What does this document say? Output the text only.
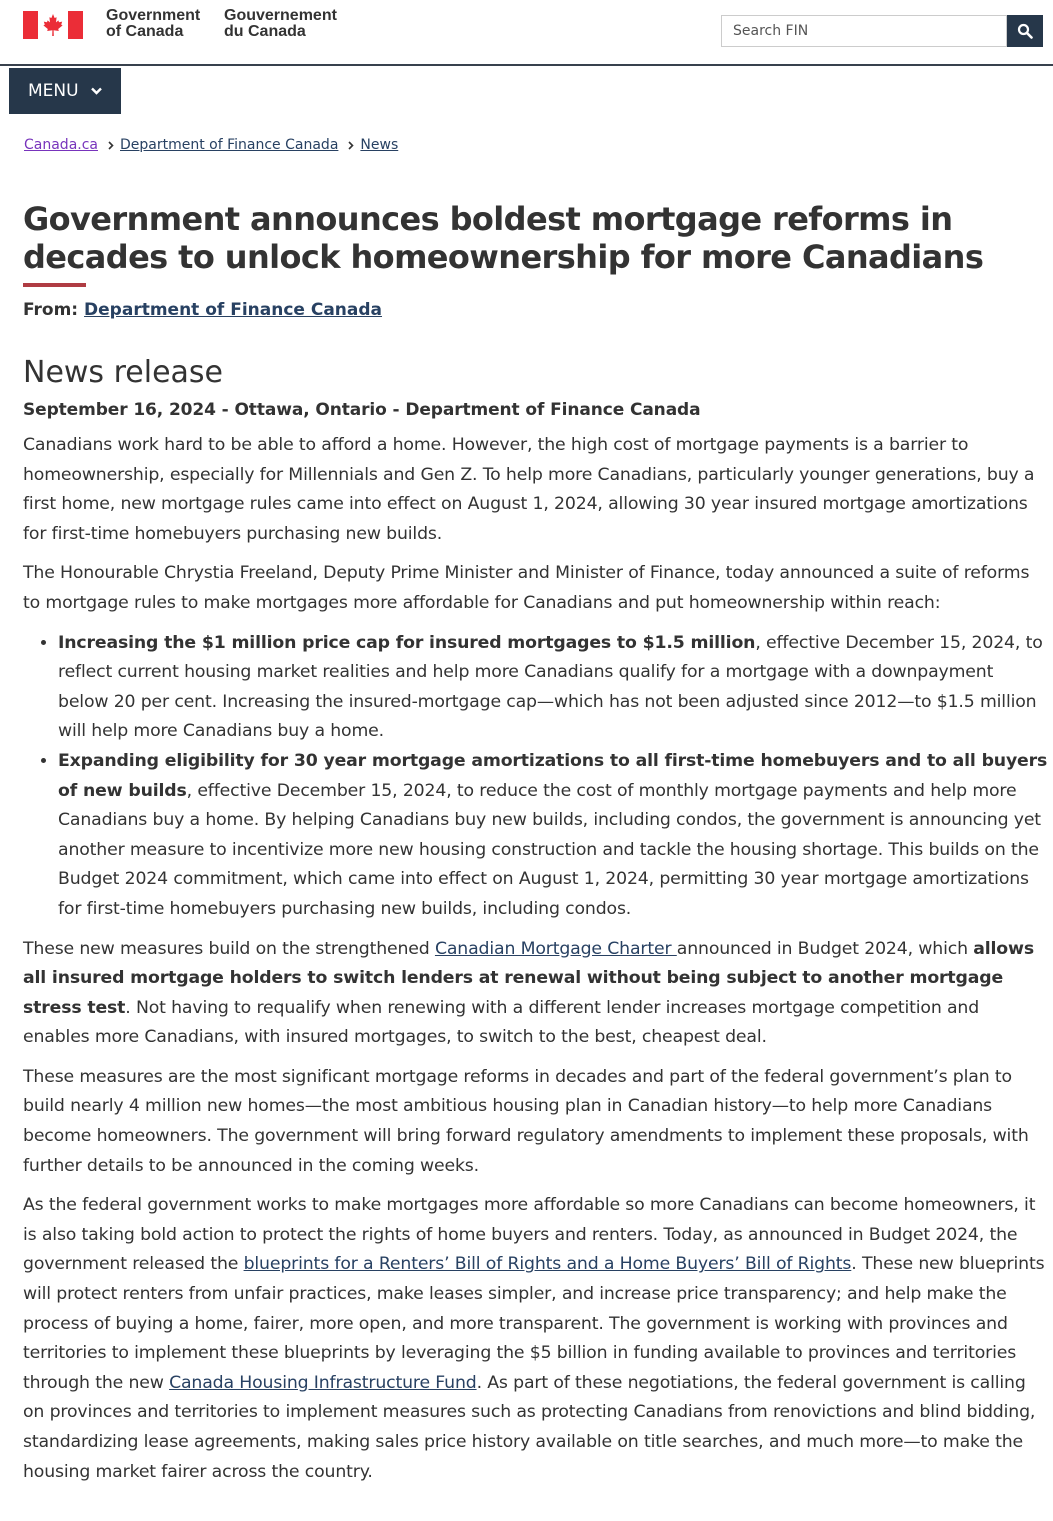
Government
of Canada
Gouvernement
du Canada
Search FIN
MENU
Canada.ca Department of Finance Canada News
Government announces boldest mortgage reforms in decades to unlock homeownership for more Canadians
From: Department of Finance Canada
News release
September 16, 2024 - Ottawa, Ontario - Department of Finance Canada

Canadians work hard to be able to afford a home. However, the high cost of mortgage payments is a barrier to homeownership, especially for Millennials and Gen Z. To help more Canadians, particularly younger generations, buy a first home, new mortgage rules came into effect on August 1, 2024, allowing 30 year insured mortgage amortizations for first-time homebuyers purchasing new builds.

The Honourable Chrystia Freeland, Deputy Prime Minister and Minister of Finance, today announced a suite of reforms to mortgage rules to make mortgages more affordable for Canadians and put homeownership within reach:

• Increasing the $1 million price cap for insured mortgages to $1.5 million, effective December 15, 2024, to reflect current housing market realities and help more Canadians qualify for a mortgage with a downpayment below 20 per cent. Increasing the insured-mortgage cap—which has not been adjusted since 2012—to $1.5 million will help more Canadians buy a home.
• Expanding eligibility for 30 year mortgage amortizations to all first-time homebuyers and to all buyers of new builds, effective December 15, 2024, to reduce the cost of monthly mortgage payments and help more Canadians buy a home. By helping Canadians buy new builds, including condos, the government is announcing yet another measure to incentivize more new housing construction and tackle the housing shortage. This builds on the Budget 2024 commitment, which came into effect on August 1, 2024, permitting 30 year mortgage amortizations for first-time homebuyers purchasing new builds, including condos.

These new measures build on the strengthened Canadian Mortgage Charter announced in Budget 2024, which allows all insured mortgage holders to switch lenders at renewal without being subject to another mortgage stress test. Not having to requalify when renewing with a different lender increases mortgage competition and enables more Canadians, with insured mortgages, to switch to the best, cheapest deal.

These measures are the most significant mortgage reforms in decades and part of the federal government’s plan to build nearly 4 million new homes—the most ambitious housing plan in Canadian history—to help more Canadians become homeowners. The government will bring forward regulatory amendments to implement these proposals, with further details to be announced in the coming weeks.

As the federal government works to make mortgages more affordable so more Canadians can become homeowners, it is also taking bold action to protect the rights of home buyers and renters. Today, as announced in Budget 2024, the government released the blueprints for a Renters’ Bill of Rights and a Home Buyers’ Bill of Rights. These new blueprints will protect renters from unfair practices, make leases simpler, and increase price transparency; and help make the process of buying a home, fairer, more open, and more transparent. The government is working with provinces and territories to implement these blueprints by leveraging the $5 billion in funding available to provinces and territories through the new Canada Housing Infrastructure Fund. As part of these negotiations, the federal government is calling on provinces and territories to implement measures such as protecting Canadians from renovictions and blind bidding, standardizing lease agreements, making sales price history available on title searches, and much more—to make the housing market fairer across the country.
